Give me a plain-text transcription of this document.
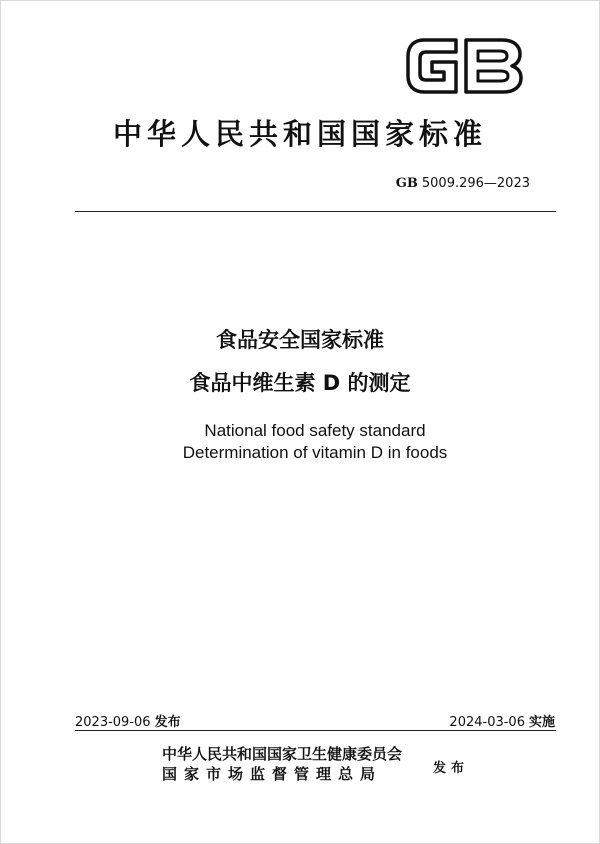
中华人民共和国国家标准
GB 5009.296—2023
食品安全国家标准
食品中维生素 D 的测定
National food safety standard
Determination of vitamin D in foods
2023-09-06 发布	2024-03-06 实施
中华人民共和国国家卫生健康委员会
国家市场监督管理总局	发布
